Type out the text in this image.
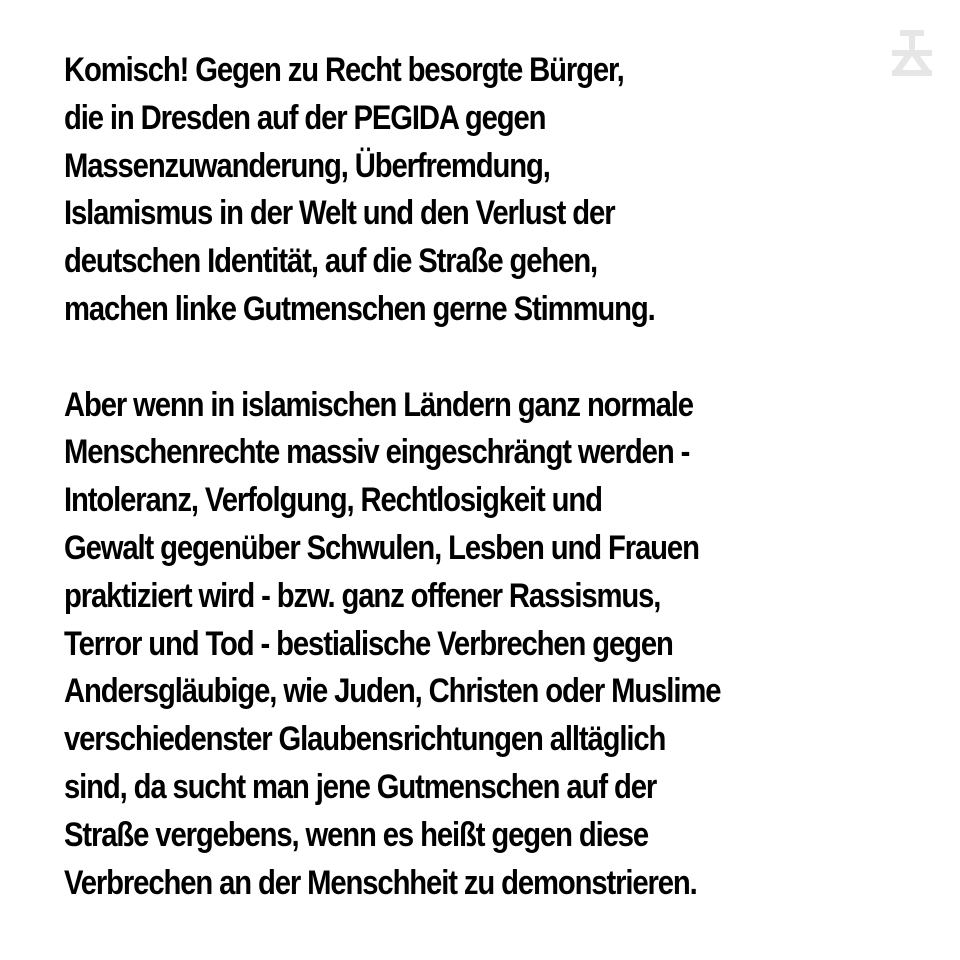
Komisch! Gegen zu Recht besorgte Bürger,
die in Dresden auf der PEGIDA gegen
Massenzuwanderung, Überfremdung,
Islamismus in der Welt und den Verlust der
deutschen Identität, auf die Straße gehen,
machen linke Gutmenschen gerne Stimmung.
Aber wenn in islamischen Ländern ganz normale
Menschenrechte massiv eingeschrängt werden -
Intoleranz, Verfolgung, Rechtlosigkeit und
Gewalt gegenüber Schwulen, Lesben und Frauen
praktiziert wird - bzw. ganz offener Rassismus,
Terror und Tod - bestialische Verbrechen gegen
Andersgläubige, wie Juden, Christen oder Muslime
verschiedenster Glaubensrichtungen alltäglich
sind, da sucht man jene Gutmenschen auf der
Straße vergebens, wenn es heißt gegen diese
Verbrechen an der Menschheit zu demonstrieren.
